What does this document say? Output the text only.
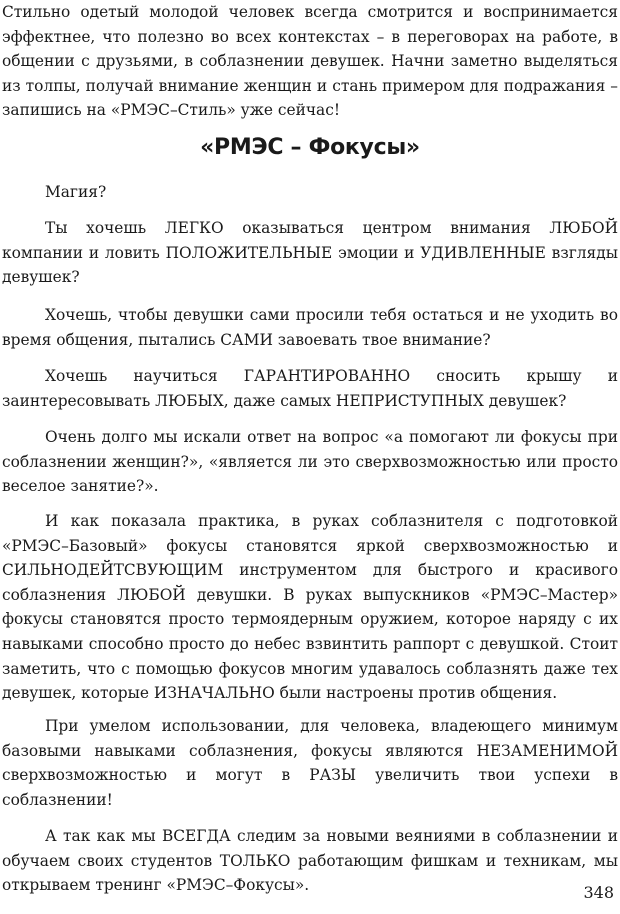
Стильно одетый молодой человек всегда смотрится и воспринимается эффектнее, что полезно во всех контекстах – в переговорах на работе, в общении с друзьями, в соблазнении девушек. Начни заметно выделяться из толпы, получай внимание женщин и стань примером для подражания – запишись на «РМЭС–Стиль» уже сейчас!

«РМЭС – Фокусы»

Магия?

Ты хочешь ЛЕГКО оказываться центром внимания ЛЮБОЙ компании и ловить ПОЛОЖИТЕЛЬНЫЕ эмоции и УДИВЛЕННЫЕ взгляды девушек?

Хочешь, чтобы девушки сами просили тебя остаться и не уходить во время общения, пытались САМИ завоевать твое внимание?

Хочешь научиться ГАРАНТИРОВАННО сносить крышу и заинтересовывать ЛЮБЫХ, даже самых НЕПРИСТУПНЫХ девушек?

Очень долго мы искали ответ на вопрос «а помогают ли фокусы при соблазнении женщин?», «является ли это сверхвозможностью или просто веселое занятие?».

И как показала практика, в руках соблазнителя с подготовкой «РМЭС–Базовый» фокусы становятся яркой сверхвозможностью и СИЛЬНОДЕЙТСВУЮЩИМ инструментом для быстрого и красивого соблазнения ЛЮБОЙ девушки. В руках выпускников «РМЭС–Мастер» фокусы становятся просто термоядерным оружием, которое наряду с их навыками способно просто до небес взвинтить раппорт с девушкой. Стоит заметить, что с помощью фокусов многим удавалось соблазнять даже тех девушек, которые ИЗНАЧАЛЬНО были настроены против общения.

При умелом использовании, для человека, владеющего минимум базовыми навыками соблазнения, фокусы являются НЕЗАМЕНИМОЙ сверхвозможностью и могут в РАЗЫ увеличить твои успехи в соблазнении!

А так как мы ВСЕГДА следим за новыми веяниями в соблазнении и обучаем своих студентов ТОЛЬКО работающим фишкам и техникам, мы открываем тренинг «РМЭС–Фокусы».	348
